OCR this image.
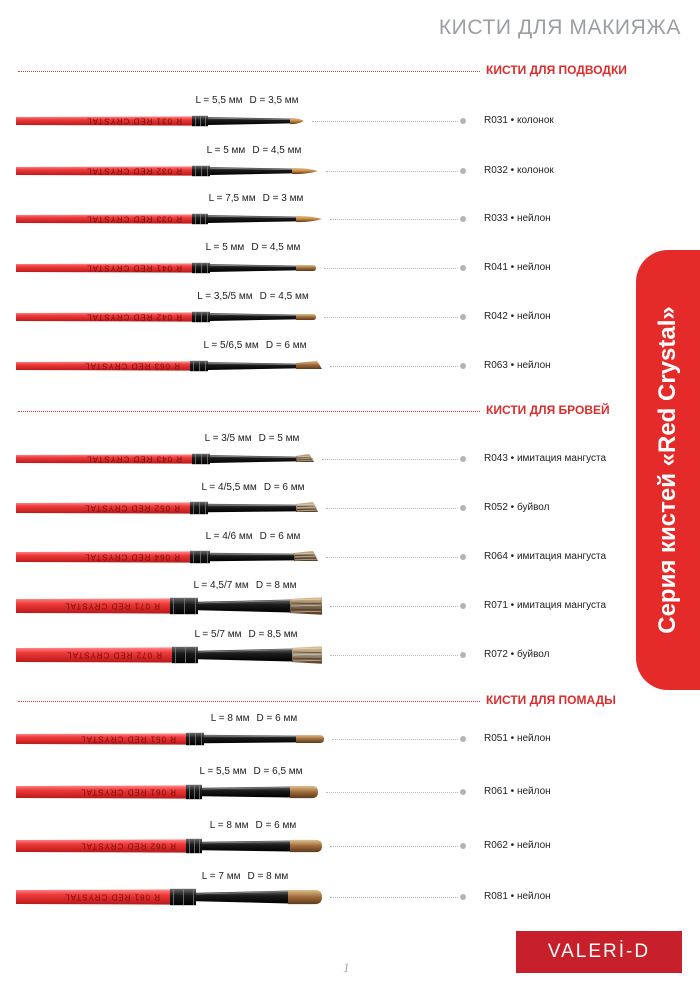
КИСТИ ДЛЯ МАКИЯЖА
КИСТИ ДЛЯ ПОДВОДКИ
L = 5,5 мм D = 3,5 мм
R 031 RED CRYSTAL	R031 • колонок
L = 5 мм D = 4,5 мм
R 032 RED CRYSTAL	R032 • колонок
L = 7,5 мм D = 3 мм
R 033 RED CRYSTAL	R033 • нейлон
L = 5 мм D = 4,5 мм
R 041 RED CRYSTAL	R041 • нейлон
L = 3,5/5 мм D = 4,5 мм
R 042 RED CRYSTAL	R042 • нейлон
L = 5/6,5 мм D = 6 мм
R 063 RED CRYSTAL	R063 • нейлон
КИСТИ ДЛЯ БРОВЕЙ
L = 3/5 мм D = 5 мм
R 043 RED CRYSTAL	R043 • имитация мангуста
L = 4/5,5 мм D = 6 мм
R 052 RED CRYSTAL	R052 • буйвол
L = 4/6 мм D = 6 мм
R 064 RED CRYSTAL	R064 • имитация мангуста
L = 4,5/7 мм D = 8 мм
R 071 RED CRYSTAL	R071 • имитация мангуста
L = 5/7 мм D = 8,5 мм
R 072 RED CRYSTAL	R072 • буйвол
КИСТИ ДЛЯ ПОМАДЫ
L = 8 мм D = 6 мм
R 051 RED CRYSTAL	R051 • нейлон
L = 5,5 мм D = 6,5 мм
R 061 RED CRYSTAL	R061 • нейлон
L = 8 мм D = 6 мм
R 062 RED CRYSTAL	R062 • нейлон
L = 7 мм D = 8 мм
R 081 RED CRYSTAL	R081 • нейлон
Серия кистей «Red Crystal»
VALERİ-D
1
